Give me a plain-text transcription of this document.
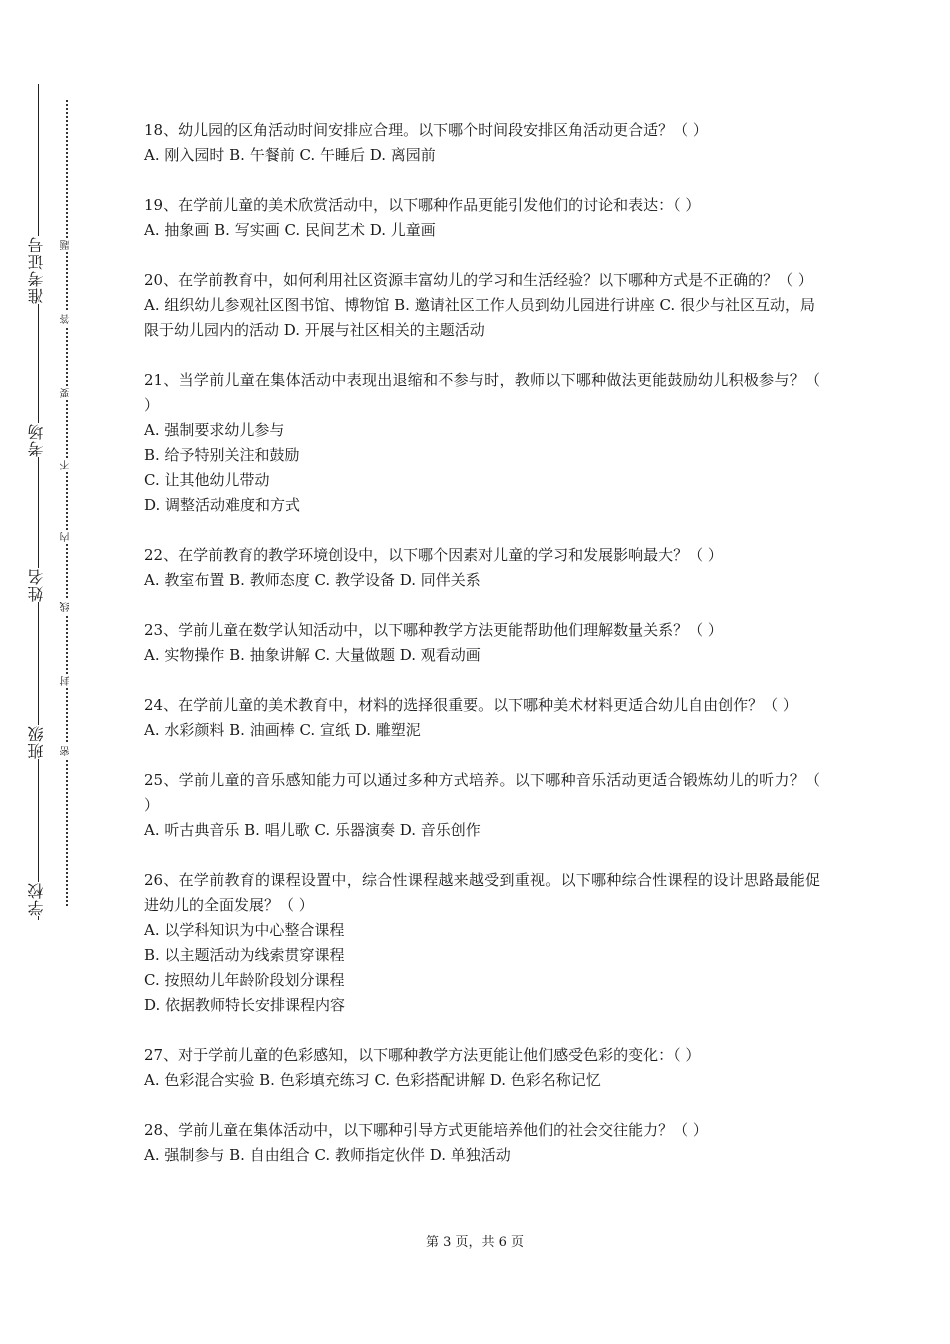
准考证号
考场
姓名
班级
学校
题
答
要
不
内
线
封
密

18、幼儿园的区角活动时间安排应合理。以下哪个时间段安排区角活动更合适？（ ）

A. 刚入园时 B. 午餐前 C. 午睡后 D. 离园前

19、在学前儿童的美术欣赏活动中，以下哪种作品更能引发他们的讨论和表达：（ ）

A. 抽象画 B. 写实画 C. 民间艺术 D. 儿童画

20、在学前教育中，如何利用社区资源丰富幼儿的学习和生活经验？以下哪种方式是不正确的？（ ）

A. 组织幼儿参观社区图书馆、博物馆 B. 邀请社区工作人员到幼儿园进行讲座 C. 很少与社区互动，局限于幼儿园内的活动 D. 开展与社区相关的主题活动

21、当学前儿童在集体活动中表现出退缩和不参与时，教师以下哪种做法更能鼓励幼儿积极参与？（ ）

A. 强制要求幼儿参与
B. 给予特别关注和鼓励
C. 让其他幼儿带动
D. 调整活动难度和方式

22、在学前教育的教学环境创设中，以下哪个因素对儿童的学习和发展影响最大？（ ）

A. 教室布置 B. 教师态度 C. 教学设备 D. 同伴关系

23、学前儿童在数学认知活动中，以下哪种教学方法更能帮助他们理解数量关系？（ ）

A. 实物操作 B. 抽象讲解 C. 大量做题 D. 观看动画

24、在学前儿童的美术教育中，材料的选择很重要。以下哪种美术材料更适合幼儿自由创作？（ ）

A. 水彩颜料 B. 油画棒 C. 宣纸 D. 雕塑泥

25、学前儿童的音乐感知能力可以通过多种方式培养。以下哪种音乐活动更适合锻炼幼儿的听力？（ ）

A. 听古典音乐 B. 唱儿歌 C. 乐器演奏 D. 音乐创作

26、在学前教育的课程设置中，综合性课程越来越受到重视。以下哪种综合性课程的设计思路最能促进幼儿的全面发展？（ ）

A. 以学科知识为中心整合课程
B. 以主题活动为线索贯穿课程
C. 按照幼儿年龄阶段划分课程
D. 依据教师特长安排课程内容

27、对于学前儿童的色彩感知，以下哪种教学方法更能让他们感受色彩的变化：（ ）

A. 色彩混合实验 B. 色彩填充练习 C. 色彩搭配讲解 D. 色彩名称记忆

28、学前儿童在集体活动中，以下哪种引导方式更能培养他们的社会交往能力？（ ）

A. 强制参与 B. 自由组合 C. 教师指定伙伴 D. 单独活动

第 3 页，共 6 页
